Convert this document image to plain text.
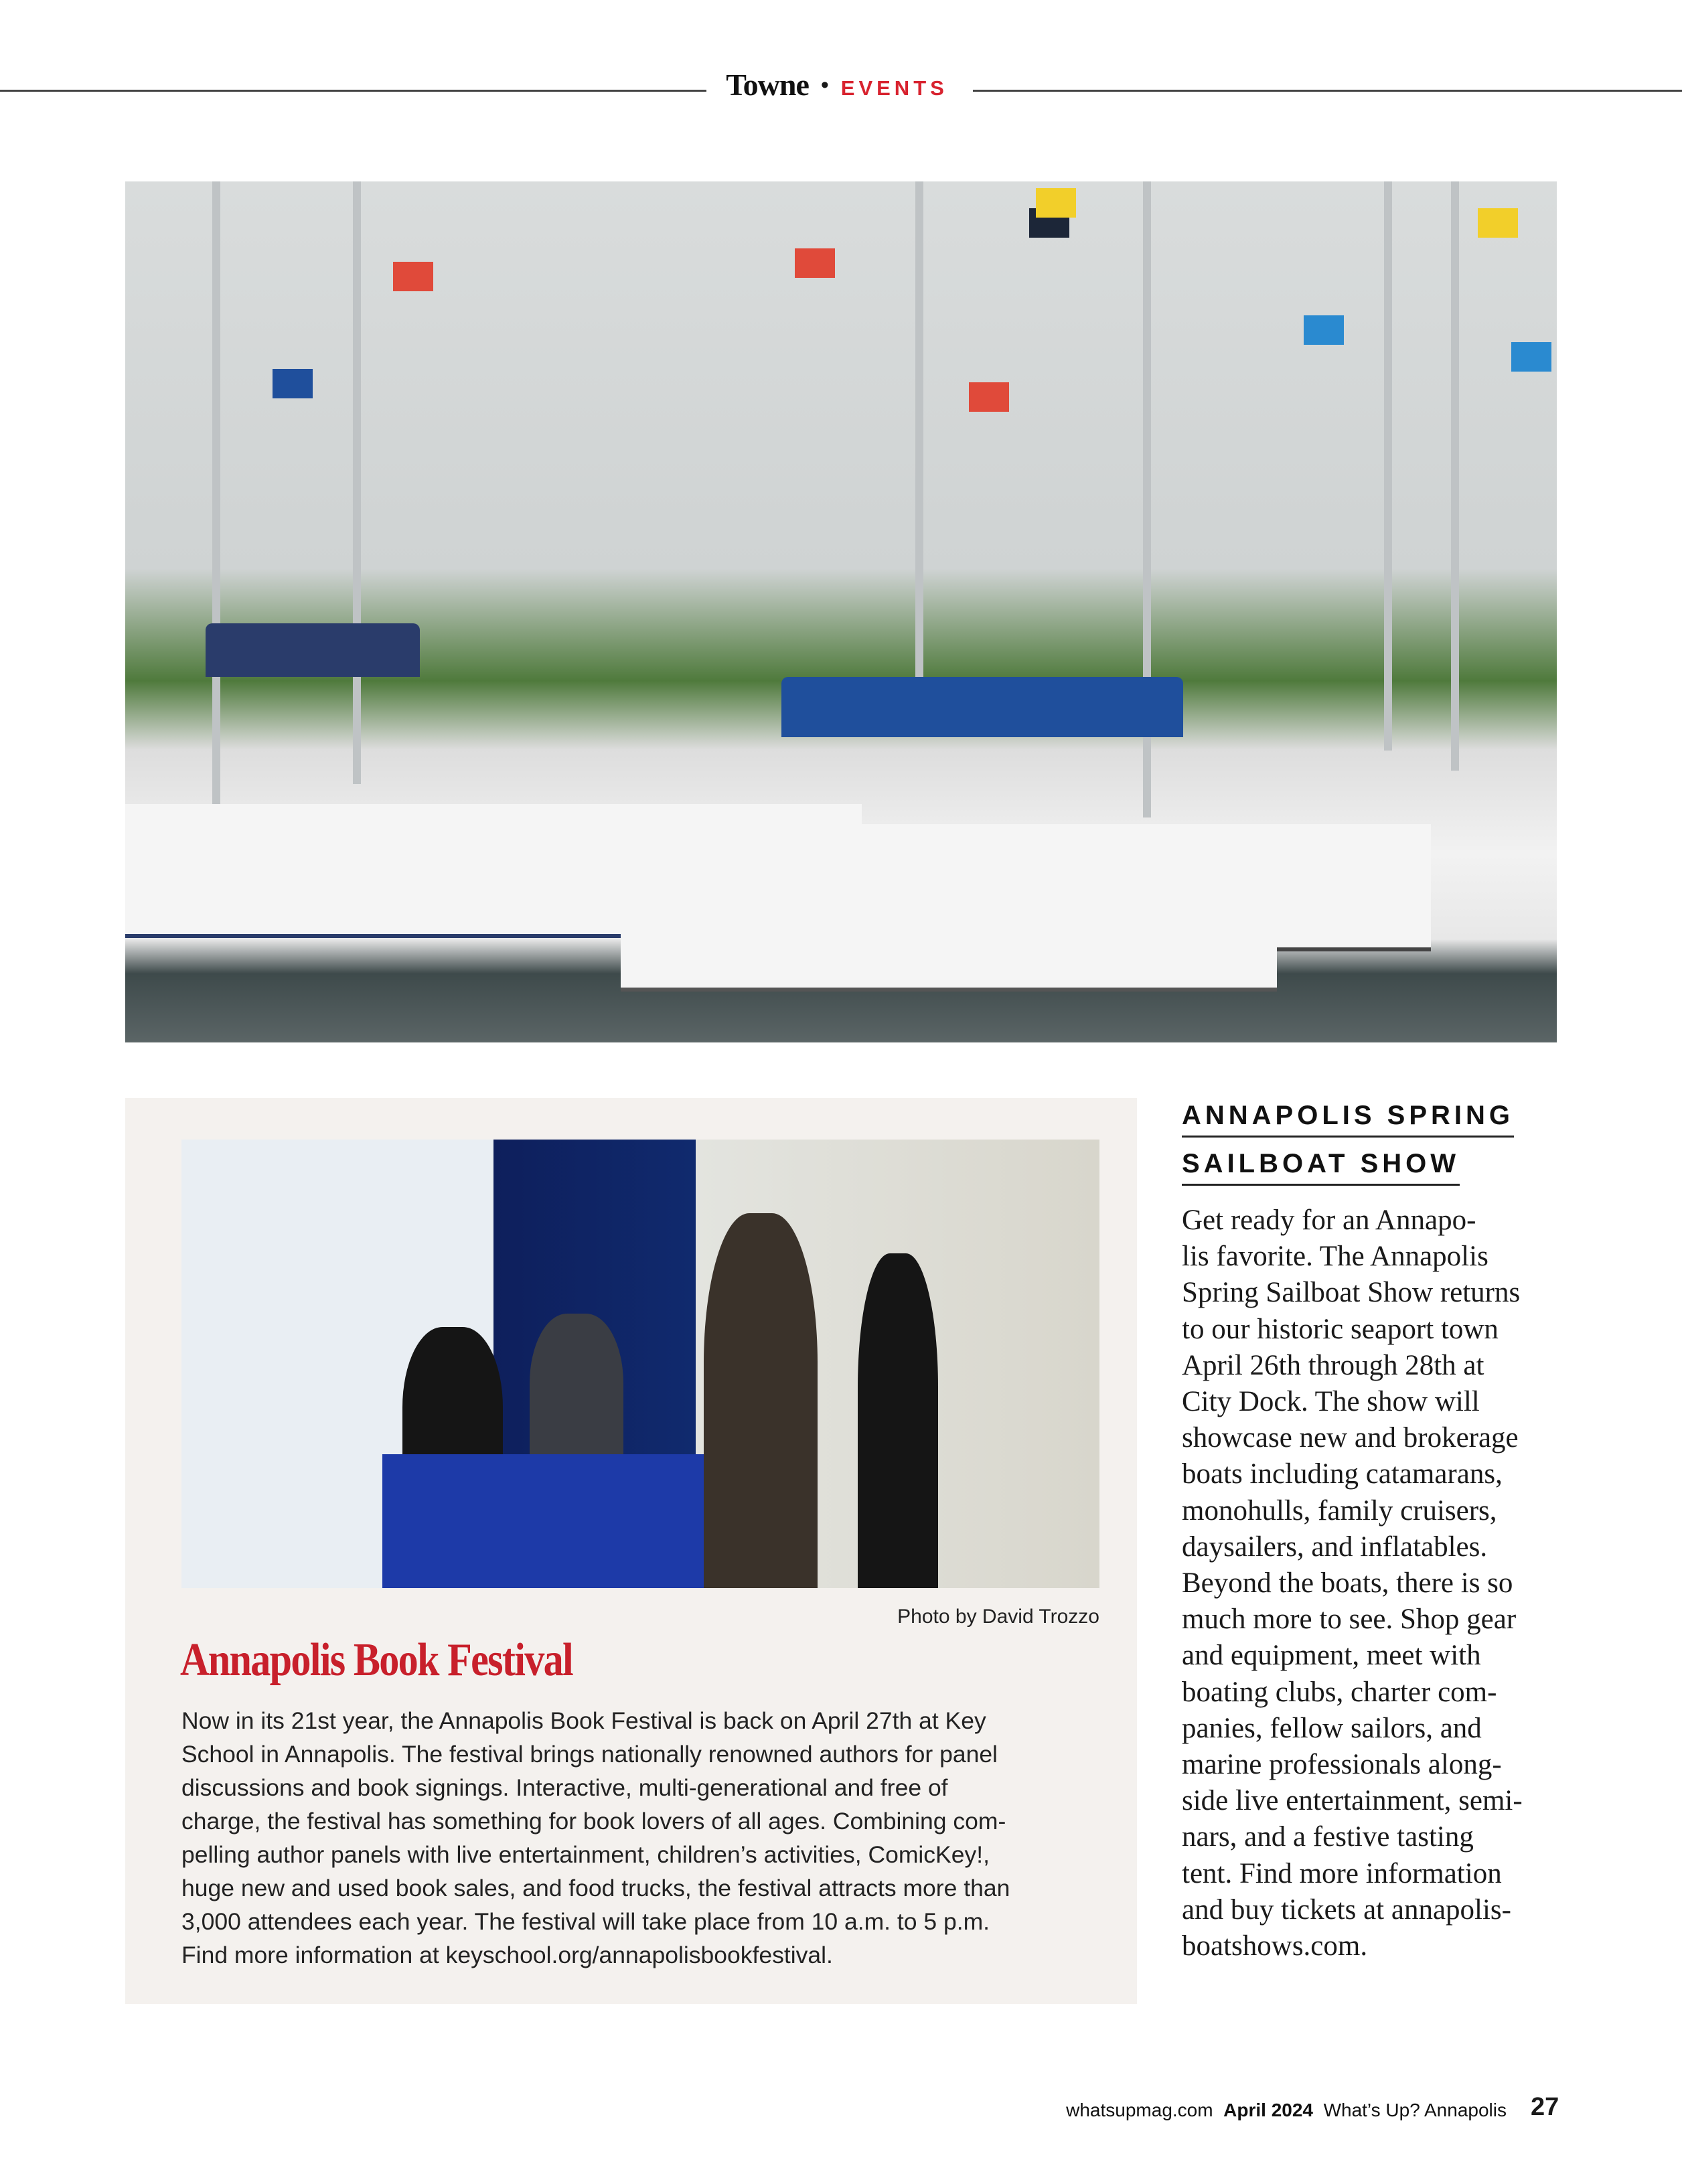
Towne • EVENTS
Photo by David Trozzo
Annapolis Book Festival
Now in its 21st year, the Annapolis Book Festival is back on April 27th at Key
School in Annapolis. The festival brings nationally renowned authors for panel
discussions and book signings. Interactive, multi-generational and free of
charge, the festival has something for book lovers of all ages. Combining com-
pelling author panels with live entertainment, children’s activities, ComicKey!,
huge new and used book sales, and food trucks, the festival attracts more than
3,000 attendees each year. The festival will take place from 10 a.m. to 5 p.m.
Find more information at keyschool.org/annapolisbookfestival.
ANNAPOLIS SPRING
SAILBOAT SHOW
Get ready for an Annapo-
lis favorite. The Annapolis
Spring Sailboat Show returns
to our historic seaport town
April 26th through 28th at
City Dock. The show will
showcase new and brokerage
boats including catamarans,
monohulls, family cruisers,
daysailers, and inflatables.
Beyond the boats, there is so
much more to see. Shop gear
and equipment, meet with
boating clubs, charter com-
panies, fellow sailors, and
marine professionals along-
side live entertainment, semi-
nars, and a festive tasting
tent. Find more information
and buy tickets at annapolis-
boatshows.com.
whatsupmag.com April 2024 What’s Up? Annapolis 27
